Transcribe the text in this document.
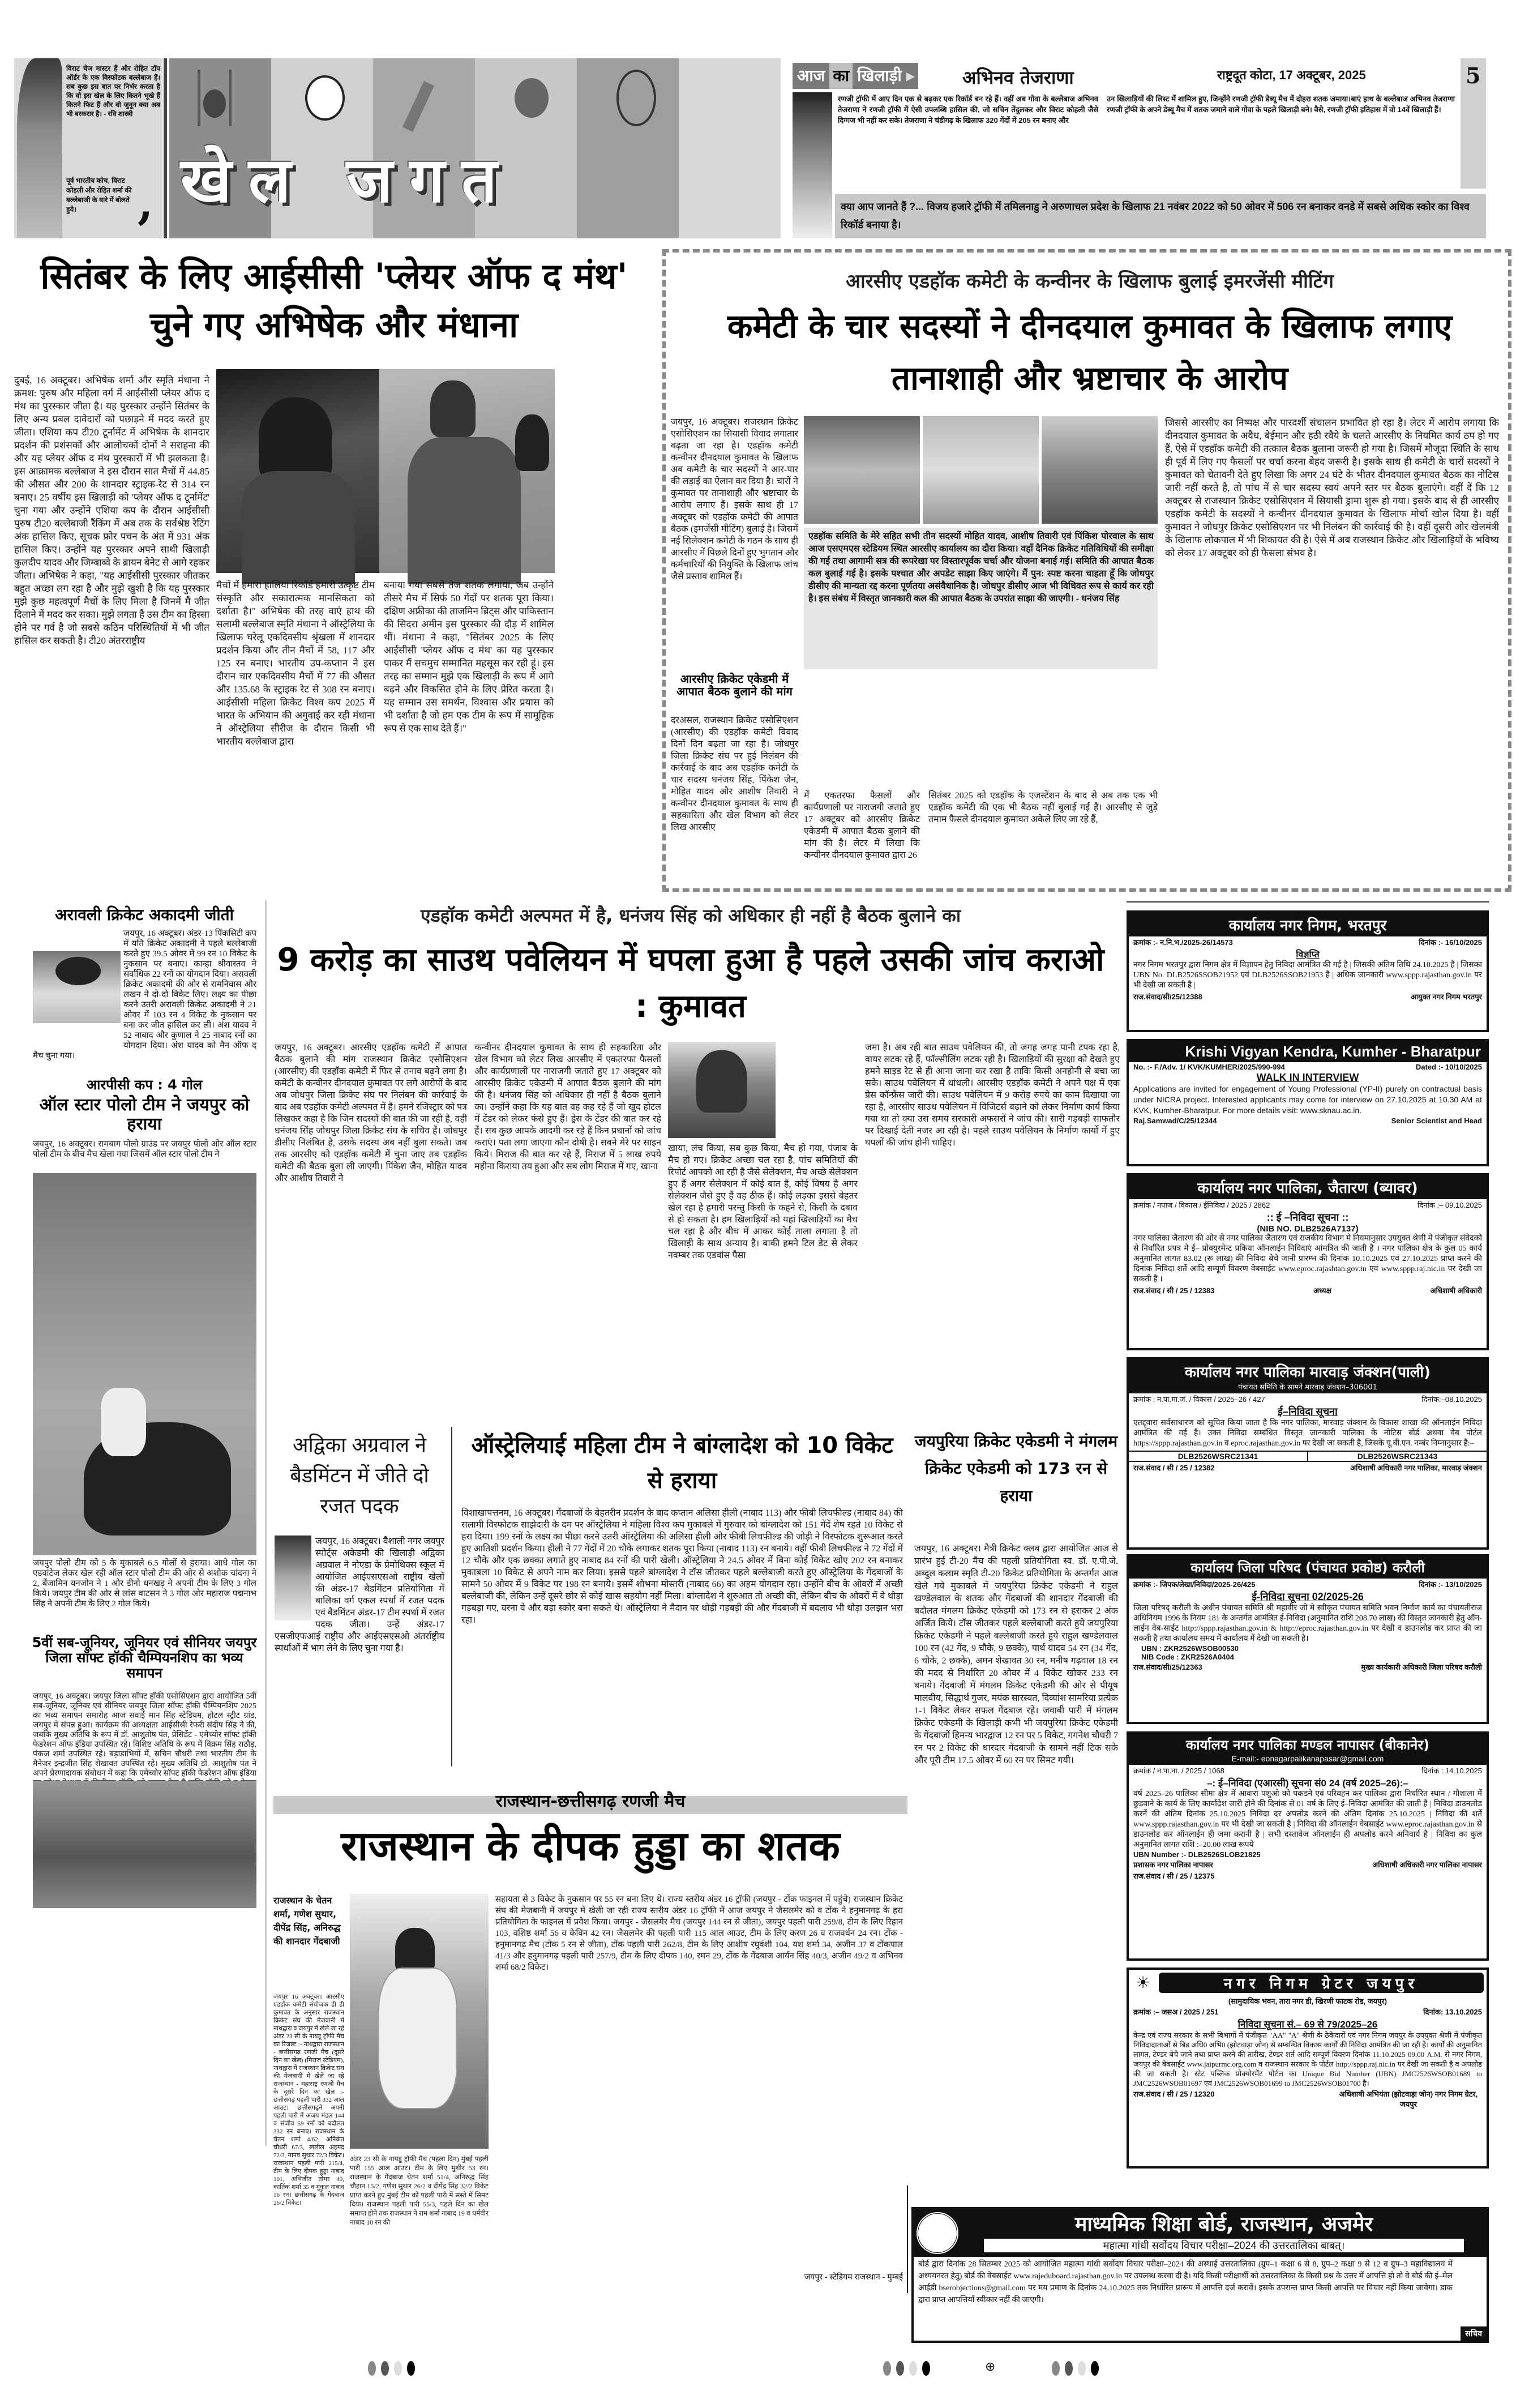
विराट चेज मास्टर हैं और रोहित टॉप ऑर्डर के एक विस्फोटक बल्लेबाज हैं। सब कुछ इस बात पर निर्भर करता है कि वो इस खेल के लिए कितने भूखे हैं कितने फिट हैं और वो जुनून क्या अब भी बरकरार है। - रवि शास्त्री
पूर्व भारतीय कोच, विराट कोहली और रोहित शर्मा की बल्लेबाजी के बारे में बोलते हुये।	, खेल जगत
आज का खिलाड़ी ▶	अभिनव तेजराणा	राष्ट्रदूत कोटा, 17 अक्टूबर, 2025	5
रणजी ट्रॉफी में आए दिन एक से बढ़कर एक रिकॉर्ड बन रहे हैं। वहीं अब गोवा के बल्लेबाज अभिनव तेजराणा ने रणजी ट्रॉफी में ऐसी उपलब्धि हासिल की, जो सचिन तेंदुलकर और विराट कोहली जैसे दिग्गज भी नहीं कर सके। तेजराणा ने चंडीगढ़ के खिलाफ 320 गेंदों में 205 रन बनाए और
उन खिलाड़ियों की लिस्ट में शामिल हुए, जिन्होंने रणजी ट्रॉफी डेब्यू मैच में दोहरा शतक जमाया।बाएं हाथ के बल्लेबाज अभिनव तेजराणा रणजी ट्रॉफी के अपने डेब्यू मैच में शतक जमाने वाले गोवा के पहले खिलाड़ी बने। वैसे, रणजी ट्रॉफी इतिहास में वो 14वें खिलाड़ी हैं।
क्या आप जानते हैं ?... विजय हजारे ट्रॉफी में तमिलनाडु ने अरुणाचल प्रदेश के खिलाफ 21 नवंबर 2022 को 50 ओवर में 506 रन बनाकर वनडे में सबसे अधिक स्कोर का विश्व रिकॉर्ड बनाया है।
सितंबर के लिए आईसीसी 'प्लेयर ऑफ द मंथ' चुने गए अभिषेक और मंधाना
दुबई, 16 अक्टूबर। अभिषेक शर्मा और स्मृति मंधाना ने क्रमश: पुरुष और महिला वर्ग में आईसीसी प्लेयर ऑफ द मंथ का पुरस्कार जीता है। यह पुरस्कार उन्होंने सितंबर के लिए अन्य प्रबल दावेदारों को पछाड़ने में मदद करते हुए जीता। एशिया कप टी20 टूर्नामेंट में अभिषेक के शानदार प्रदर्शन की प्रशंसकों और आलोचकों दोनों ने सराहना की और यह प्लेयर ऑफ द मंथ पुरस्कारों में भी झलकता है। इस आक्रामक बल्लेबाज ने इस दौरान सात मैचों में 44.85 की औसत और 200 के शानदार स्ट्राइक-रेट से 314 रन बनाए। 25 वर्षीय इस खिलाड़ी को 'प्लेयर ऑफ द टूर्नामेंट' चुना गया और उन्होंने एशिया कप के दौरान आईसीसी पुरुष टी20 बल्लेबाजी रैंकिंग में अब तक के सर्वश्रेष्ठ रेटिंग अंक हासिल किए, सूचक फ्रोर पचन के अंत में 931 अंक हासिल किए। उन्होंने यह पुरस्कार अपने साथी खिलाड़ी कुलदीप यादव और जिम्बाब्वे के ब्रायन बेनेट से आगे रहकर जीता। अभिषेक ने कहा, "यह आईसीसी पुरस्कार जीतकर बहुत अच्छा लग रहा है और मुझे खुशी है कि यह पुरस्कार मुझे कुछ महत्वपूर्ण मैचों के लिए मिला है जिनमें मैं जीत दिलाने में मदद कर सका। मुझे लगता है उस टीम का हिस्सा होने पर गर्व है जो सबसे कठिन परिस्थितियों में भी जीत हासिल कर सकती है। टी20 अंतरराष्ट्रीय
मैचों में हमारा हालिया रिकॉर्ड हमारी उत्कृष्ट टीम संस्कृति और सकारात्मक मानसिकता को दर्शाता है।" अभिषेक की तरह वाएं हाथ की सलामी बल्लेबाज स्मृति मंधाना ने ऑस्ट्रेलिया के खिलाफ घरेलू एकदिवसीय श्रृंखला में शानदार प्रदर्शन किया और तीन मैचों में 58, 117 और 125 रन बनाए। भारतीय उप-कप्तान ने इस दौरान चार एकदिवसीय मैचों में 77 की औसत और 135.68 के स्ट्राइक रेट से 308 रन बनाए। आईसीसी महिला क्रिकेट विश्व कप 2025 में भारत के अभियान की अगुवाई कर रही मंधाना ने ऑस्ट्रेलिया सीरीज के दौरान किसी भी भारतीय बल्लेबाज द्वारा
बनाया गया सबसे तेज शतक लगाया, जब उन्होंने तीसरे मैच में सिर्फ 50 गेंदों पर शतक पूरा किया। दक्षिण अफ्रीका की ताजमिन ब्रिट्स और पाकिस्तान की सिदरा अमीन इस पुरस्कार की दौड़ में शामिल थीं। मंधाना ने कहा, "सितंबर 2025 के लिए आईसीसी 'प्लेयर ऑफ द मंथ' का यह पुरस्कार पाकर मैं सचमुच सम्मानित महसूस कर रही हूं। इस तरह का सम्मान मुझे एक खिलाड़ी के रूप में आगे बढ़ने और विकसित होने के लिए प्रेरित करता है। यह सम्मान उस समर्थन, विश्वास और प्रयास को भी दर्शाता है जो हम एक टीम के रूप में सामूहिक रूप से एक साथ देते हैं।"
आरसीए एडहॉक कमेटी के कन्वीनर के खिलाफ बुलाई इमरजेंसी मीटिंग
कमेटी के चार सदस्यों ने दीनदयाल कुमावत के खिलाफ लगाए तानाशाही और भ्रष्टाचार के आरोप
जयपुर, 16 अक्टूबर। राजस्थान क्रिकेट एसोसिएशन का सियासी विवाद लगातार बढ़ता जा रहा है। एडहॉक कमेटी कन्वीनर दीनदयाल कुमावत के खिलाफ अब कमेटी के चार सदस्यों ने आर-पार की लड़ाई का ऐलान कर दिया है। चारों ने कुमावत पर तानाशाही और भ्रष्टाचार के आरोप लगाए हैं। इसके साथ ही 17 अक्टूबर को एडहॉक कमेटी की आपात बैठक (इमर्जेंसी मीटिंग) बुलाई है। जिसमें नई सिलेक्शन कमेटी के गठन के साथ ही आरसीए में पिछले दिनों हुए भुगतान और कर्मचारियों की नियुक्ति के खिलाफ जांच जैसे प्रस्ताव शामिल हैं।
एडहॉक समिति के मेरे सहित सभी तीन सदस्यों मोहित यादव, आशीष तिवारी एवं पिंकिश पोरवाल के साथ आज एसएमएस स्टेडियम स्थित आरसीए कार्यालय का दौरा किया। वहाँ दैनिक क्रिकेट गतिविधियों की समीक्षा की गई तथा आगामी सत्र की रूपरेखा पर विस्तारपूर्वक चर्चा और योजना बनाई गई। समिति की आपात बैठक कल बुलाई गई है। इसके पश्चात और अपडेट साझा किए जाएंगे। मैं पुन: स्पष्ट करना चाहता हूँ कि जोधपुर डीसीए की मान्यता रद्द करना पूर्णतया असंवैधानिक है। जोधपुर डीसीए आज भी विधिवत रूप से कार्य कर रही है। इस संबंध में विस्तृत जानकारी कल की आपात बैठक के उपरांत साझा की जाएगी। - धनंजय सिंह
आरसीए क्रिकेट एकेडमी में आपात बैठक बुलाने की मांग
दरअसल, राजस्थान क्रिकेट एसोसिएशन (आरसीए) की एडहॉक कमेटी विवाद दिनों दिन बढ़ता जा रहा है। जोधपुर जिला क्रिकेट संघ पर हुई निलंबन की कार्रवाई के बाद अब एडहॉक कमेटी के चार सदस्य धनंजय सिंह, पिंकेश जैन, मोहित यादव और आशीष तिवारी ने कन्वीनर दीनदयाल कुमावत के साथ ही सहकारिता और खेल विभाग को लेटर लिख आरसीए
में एकतरफा फैसलों और कार्यप्रणाली पर नाराजगी जताते हुए 17 अक्टूबर को आरसीए क्रिकेट एकेडमी में आपात बैठक बुलाने की मांग की है। लेटर में लिखा कि कन्वीनर दीनदयाल कुमावत द्वारा 26
सितंबर 2025 को एडहॉक के एजस्टेंशन के बाद से अब तक एक भी एडहॉक कमेटी की एक भी बैठक नहीं बुलाई गई है। आरसीए से जुड़े तमाम फैसले दीनदयाल कुमावत अकेले लिए जा रहे हैं,
जिससे आरसीए का निष्पक्ष और पारदर्शी संचालन प्रभावित हो रहा है। लेटर में आरोप लगाया कि दीनदयाल कुमावत के अवैध, बेईमान और हठी रवैये के चलते आरसीए के नियमित कार्य ठप हो गए हैं, ऐसे में एडहॉक कमेटी की तत्काल बैठक बुलाना जरूरी हो गया है। जिसमें मौजूदा स्थिति के साथ ही पूर्व में लिए गए फैसलों पर चर्चा करना बेहद जरूरी है। इसके साथ ही कमेटी के चारों सदस्यों ने कुमावत को चेतावनी देते हुए लिखा कि अगर 24 घंटे के भीतर दीनदयाल कुमावत बैठक का नोटिस जारी नहीं करते है, तो पांच में से चार सदस्य स्वयं अपने स्तर पर बैठक बुलाएंगे। वहीं दें कि 12 अक्टूबर से राजस्थान क्रिकेट एसोसिएशन में सियासी ड्रामा शुरू हो गया। इसके बाद से ही आरसीए एडहॉक कमेटी के सदस्यों ने कन्वीनर दीनदयाल कुमावत के खिलाफ मोर्चा खोल दिया है। वहीं कुमावत ने जोधपुर क्रिकेट एसोसिएशन पर भी निलंबन की कार्रवाई की है। वहीं दूसरी ओर खेलमंत्री के खिलाफ लोकपाल में भी शिकायत की है। ऐसे में अब राजस्थान क्रिकेट और खिलाड़ियों के भविष्य को लेकर 17 अक्टूबर को ही फैसला संभव है।
अरावली क्रिकेट अकादमी जीती
जयपुर, 16 अक्टूबर। अंडर-13 पिंकसिटी कप में यति क्रिकेट अकादमी ने पहले बल्लेबाजी करते हुए 39.5 ओवर में 99 रन 10 विकेट के नुकसान पर बनाएं। कान्हा श्रीवास्तव ने सर्वाधिक 22 रनों का योगदान दिया। अरावली क्रिकेट अकादमी की ओर से रामनिवास और लखन ने दो-दो विकेट लिए। लक्ष्य का पीछा करने उतरी अरावली क्रिकेट अकादमी ने 21 ओवर में 103 रन 4 विकेट के नुकसान पर बना कर जीत हासिल कर ली। अंश यादव ने 52 नाबाद और कुणाल ने 25 नाबाद रनों का योगदान दिया। अंश यादव को मैन ऑफ द मैच चुना गया।
आरपीसी कप : 4 गोल
ऑल स्टार पोलो टीम ने जयपुर को हराया
जयपुर, 16 अक्टूबर। रामबाग पोलो ग्राउंड पर जयपुर पोलो ओर ऑल स्टार पोलो टीम के बीच मैच खेला गया जिसमें ऑल स्टार पोलो टीम ने
जयपुर पोलो टीम को 5 के मुकाबले 6.5 गोलों से हराया। आधे गोल का एडवांटेज लेकर खेल रही ऑल स्टार पोलो टीम की ओर से अशोक चांदना ने 2, बेंजामिन यनजोन ने 1 ओर डीनो धनखड़ ने अपनी टीम के लिए 3 गोल किये। जयपुर टीम की ओर से लांस वाटसन ने 3 गोल ओर महाराज पद्मनाभ सिंह ने अपनी टीम के लिए 2 गोल किये।
5वीं सब-जूनियर, जूनियर एवं सीनियर जयपुर जिला सॉफ्ट हॉकी चैम्पियनशिप का भव्य समापन
जयपुर, 16 अक्टूबर। जयपुर जिला सॉफ्ट हॉकी एसोसिएशन द्वारा आयोजित 5वीं सब-जूनियर, जूनियर एवं सीनियर जयपुर जिला सॉफ्ट हॉकी चैम्पियनशिप 2025 का भव्य समापन समारोह आज सवाई मान सिंह स्टेडियम, होटल स्ट्रीट ग्रांड, जयपुर में संपन्न हुआ। कार्यक्रम की अध्यक्षता आईसीसी रेफरी संदीप सिंह ने की, जबकि मुख्य अतिथि के रूप में डॉ. आशुतोष पंत, प्रेसिडेंट - एमेच्योर सॉफ्ट हॉकी फेडरेशन ऑफ इंडिया उपस्थित रहे। विशिष्ट अतिथि के रूप में विक्रम सिंह राठौड़, पंकज शर्मा उपस्थित रहे। बड़ाडाभियों में, सचिन चौधरी तथा भारतीय टीम के मैनेजर इन्द्रजीत सिंह शेखावत उपस्थित रहे। मुख्य अतिथि डॉ. आशुतोष पंत ने अपने प्रेरणादायक संबोधन में कहा कि एमेच्योर सॉफ्ट हॉकी फेडरेशन ऑफ इंडिया
एडहॉक कमेटी अल्पमत में है, धनंजय सिंह को अधिकार ही नहीं है बैठक बुलाने का
9 करोड़ का साउथ पवेलियन में घपला हुआ है पहले उसकी जांच कराओ : कुमावत
जयपुर, 16 अक्टूबर। आरसीए एडहॉक कमेटी में आपात बैठक बुलाने की मांग राजस्थान क्रिकेट एसोसिएशन (आरसीए) की एडहॉक कमेटी में फिर से तनाव बढ़ने लगा है। कमेटी के कन्वीनर दीनदयाल कुमावत पर लगे आरोपों के बाद अब जोधपुर जिला क्रिकेट संघ पर निलंबन की कार्रवाई के बाद अब एडहॉक कमेटी अल्पमत में है। हमने रजिस्ट्रार को पत्र लिखकर कहा है कि जिन सदस्यों की बात की जा रही है, वही धनंजय सिंह जोधपुर जिला क्रिकेट संघ के सचिव हैं। जोधपुर डीसीए निलंबित है, उसके सदस्य अब नहीं बुला सकते। जब तक आरसीए को एडहॉक कमेटी में चुना जाए तब एडहॉक कमेटी की बैठक बुला ली जाएगी। पिंकेश जैन, मोहित यादव और आशीष तिवारी ने
कन्वीनर दीनदयाल कुमावत के साथ ही सहकारिता और खेल विभाग को लेटर लिख आरसीए में एकतरफा फैसलों और कार्यप्रणाली पर नाराजगी जताते हुए 17 अक्टूबर को आरसीए क्रिकेट एकेडमी में आपात बैठक बुलाने की मांग की है। धनंजय सिंह को अधिकार ही नहीं है बैठक बुलाने का। उन्होंने कहा कि यह बात वह कह रहे हैं जो खुद होटल में टेंडर को लेकर फंसे हुए हैं। ड्रेस के टेंडर की बात कर रहे हैं। सब कुछ आपके आदमी कर रहे हैं किन प्रधानों को जांच कराएं। पता लगा जाएगा कौन दोषी है। सबने मेरे पर साइन किये। मिराज की बात कर रहे हैं, मिराज में 5 लाख रुपये महीना किराया तय हुआ और सब लोग मिराज में गए, खाना
खाया, लंच किया, सब कुछ किया, मैच हो गया, पंजाब के मैच हो गए। क्रिकेट अच्छा चल रहा है, पांच समितियों की रिपोर्ट आपको आ रही है जैसे सेलेक्शन, मैच अच्छे सेलेक्शन हुए हैं अगर सेलेक्शन में कोई बात है, कोई विषय है अगर सेलेक्शन जैसे हुए हैं वह ठीक हैं। कोई लड़का इससे बेहतर खेल रहा है हमारी परन्तु किसी के कहने से, किसी के दबाव से हो सकता है। हम खिलाड़ियों को यहां खिलाड़ियों का मैच चल रहा है और बीच में आकर कोई ताला लगाता है तो खिलाड़ी के साथ अन्याय है। बाकी हमने टिल डेट से लेकर नवम्बर तक एडवांस पैसा
जमा है। अब रही बात साउथ पवेलियन की, तो जगह जगह पानी टपक रहा है, वायर लटक रहे हैं, फॉल्सीलिंग लटक रही है। खिलाड़ियों की सुरक्षा को देखते हुए हमने साइड रेट से ही आना जाना कर रखा है ताकि किसी अनहोनी से बचा जा सके। साउथ पवेलियन में धांधली। आरसीए एडहॉक कमेटी ने अपने पक्ष में एक प्रेस कॉन्फ्रेंस जारी की। साउथ पवेलियन में 9 करोड़ रुपये का काम दिखाया जा रहा है, आरसीए साउथ पवेलियन में विजिटर्स बढ़ाने को लेकर निर्माण कार्य किया गया था तो क्या उस समय सरकारी अफसरों ने जांच की। सारी गड़बड़ी साफतौर पर दिखाई देती नजर आ रही है। पहले साउथ पवेलियन के निर्माण कार्यों में हुए घपलों की जांच होनी चाहिए।
अद्विका अग्रवाल ने बैडमिंटन में जीते दो रजत पदक
जयपुर, 16 अक्टूबर। वैशाली नगर जयपुर स्पोर्ट्स अकेडमी की खिलाड़ी अद्विका अग्रवाल ने नोएडा के प्रेमोथिक्स स्कूल में आयोजित आईएसएसओ राष्ट्रीय खेलों की अंडर-17 बैडमिंटन प्रतियोगिता में बालिका वर्ग एकल स्पर्धा में रजत पदक एवं बैडमिंटन अंडर-17 टीम स्पर्धा में रजत पदक जीता। उन्हें अंडर-17 एसजीएफआई राष्ट्रीय और आईएसएसओ अंतर्राष्ट्रीय स्पर्धाओं में भाग लेने के लिए चुना गया है।
ऑस्ट्रेलियाई महिला टीम ने बांग्लादेश को 10 विकेट से हराया
विशाखापत्तनम, 16 अक्टूबर। गेंदबाजों के बेहतरीन प्रदर्शन के बाद कप्तान अलिसा हीली (नाबाद 113) और फीबी लिचफील्ड (नाबाद 84) की सलामी विस्फोटक साझेदारी के दम पर ऑस्ट्रेलिया ने महिला विश्व कप मुकाबले में गुरुवार को बांग्लादेश को 151 गेंदें शेष रहते 10 विकेट से हरा दिया। 199 रनों के लक्ष्य का पीछा करने उतरी ऑस्ट्रेलिया की अलिसा हीली और फीबी लिचफील्ड की जोड़ी ने विस्फोटक शुरूआत करते हुए आतिशी प्रदर्शन किया। हीली ने 77 गेंदों में 20 चौके लगाकर शतक पूरा किया (नाबाद 113) रन बनाये। वहीं फीबी लिचफील्ड ने 72 गेंदों में 12 चौके और एक छक्का लगाते हुए नाबाद 84 रनों की पारी खेली। ऑस्ट्रेलिया ने 24.5 ओवर में बिना कोई विकेट खोए 202 रन बनाकर मुकाबला 10 विकेट से अपने नाम कर लिया। इससे पहले बांग्लादेश ने टॉस जीतकर पहले बल्लेबाजी करते हुए ऑस्ट्रेलिया के गेंदबाजों के सामने 50 ओवर में 9 विकेट पर 198 रन बनाये। इसमें शोभना मोस्तरी (नाबाद 66) का अहम योगदान रहा। उन्होंने बीच के ओवरों में अच्छी बल्लेबाजी की, लेकिन उन्हें दूसरे छोर से कोई खास सहयोग नहीं मिला। बांग्लादेश ने शुरुआत तो अच्छी की, लेकिन बीच के ओवरों में वे थोड़ा गड़बड़ा गए, वरना वे और बड़ा स्कोर बना सकते थे। ऑस्ट्रेलिया ने मैदान पर थोड़ी गड़बड़ी की और गेंदबाजी में बदलाव भी थोड़ा उलझन भरा रहा।
जयपुरिया क्रिकेट एकेडमी ने मंगलम क्रिकेट एकेडमी को 173 रन से हराया
जयपुर, 16 अक्टूबर। मैत्री क्रिकेट क्लब द्वारा आयोजित आज से प्रारंभ हुई टी-20 मैच की पहली प्रतियोगिता स्व. डॉ. ए.पी.जे. अब्दुल कलाम स्मृति टी-20 क्रिकेट प्रतियोगिता के अन्तर्गत आज खेले गये मुकाबले में जयपुरिया क्रिकेट एकेडमी ने राहुल खण्डेलवाल के शतक और गेंदबाजों की शानदार गेंदबाजी की बदौलत मंगलम क्रिकेट एकेडमी को 173 रन से हराकर 2 अंक अर्जित किये। टॉस जीतकर पहले बल्लेबाजी करते हुये जयपुरिया क्रिकेट एकेडमी ने पहले बल्लेबाजी करते हुये राहुल खण्डेलवाल 100 रन (42 गेंद, 9 चौके, 9 छक्के), पार्थ यादव 54 रन (34 गेंद, 6 चौके, 2 छक्के), अमन शेखावत 30 रन, मनीष गढ़वाल 18 रन की मदद से निर्धारित 20 ओवर में 4 विकेट खोकर 233 रन बनाये। गेंदबाजी में मंगलम क्रिकेट एकेडमी की ओर से पीयूष मालवीय, सिद्धार्थ गुजर, मयंक सारस्वत, दिव्यांश सामरिया प्रत्येक 1-1 विकेट लेकर सफल गेंदबाज रहे। जवाबी पारी में मंगलम क्रिकेट एकेडमी के खिलाड़ी कभी भी जयपुरिया क्रिकेट एकेडमी के गेंदबाजों हिमन्य भारद्वाज 12 रन पर 5 विकेट, गगनेश चौधरी 7 रन पर 2 विकेट की धारदार गेंदबाजी के सामने नहीं टिक सके और पूरी टीम 17.5 ओवर में 60 रन पर सिमट गयी।
राजस्थान-छत्तीसगढ़ रणजी मैच
राजस्थान के दीपक हुड्डा का शतक
राजस्थान के चेतन शर्मा, गणेश सुथार, दीपेंद्र सिंह, अनिरुद्ध की शानदार गेंदबाजी
जयपुर 16 अक्टूबर। आरसीए एडहॉक कमेटी संयोजक डी डी कुमावत के अनुसार राजस्थान क्रिकेट संघ की मेजबानी में नाथद्वारा व जयपुर में खेले जा रहे अंडर 23 सी के नायडू ट्रॉफी मैच का रिजल्ट :- नाथद्वारा राजस्थान - छत्तीसगढ़ रणजी मैच (दूसरे दिन का खेल) (मिराज स्टेडियम), नाथद्वारा में राजस्थान क्रिकेट संघ की मेजबानी में खेले जा रहे राजस्थान - महाराष्ट्र रणजी मैच के दूसरे दिन का खेल :- छत्तीसगढ़ पहली पारी 332 आल आउट। छत्तीसगढ़ने अपनी पहली पारी में अजय मंडल 144 व संजीव 59 रनों को बदौलत 332 रन बनाए। राजस्थान के चेतन शर्मा 4/62, अनिकेत चौधरी 67/3, खलील अहमद 72/3, मानव सुथार 72/3 विकेट। राजस्थान पहली पारी 215/4, टीम के लिए दीपक हुड्डा नाबाद 101, अभिजीत तोमर 49, कार्तिक शर्मा 35 व मुकुल नाबाद 16 रन। छत्तीसगढ़ के गेंदबाज 26/2 विकेट।
अंडर 23 सी के नायडू ट्रॉफी मैच (पहला दिन) मुंबई पहली पारी 155 आल आउट। टीम के लिए मुशीर 53 रन। राजस्थान के गेंदबाज चेतन शर्मा 51/4, अनिरुद्ध सिंह चौहान 15/2, गणेश सुथार 26/2 व दीपेंद्र सिंह 32/2 विकेट प्राप्त करने हुए मुंबई टीम को पहली पारी में सस्ते में सिमट दिया। राजस्थान पहली पारी 55/3, पहले दिन का खेल समाप्त होने तक राजस्थान ने राम शर्मा नाबाद 19 व धर्मवीर नाबाद 10 रन की
सहायता से 3 विकेट के नुकसान पर 55 रन बना लिए थे। राज्य स्तरीय अंडर 16 ट्रॉफी (जयपुर - टोंक फाइनल में पहुंचे) राजस्थान क्रिकेट संघ की मेजबानी में जयपुर में खेली जा रही राज्य स्तरीय अंडर 16 ट्रॉफी में आज जयपुर ने जैसलमेर को व टोंक ने हनुमानगढ़ के हरा प्रतियोगिता के फाइनल में प्रवेश किया। जयपुर - जैसलमेर मैच (जयपुर 144 रन से जीता), जयपुर पहली पारी 259/8, टीम के लिए रिहान 103, वशिष्ठ शर्मा 56 व केविन 42 रन। जैसलमेर की पहली पारी 115 आल आउट, टीम के लिए करण 26 व राजवर्धन 24 रन। टोंक - हनुमानगढ़ मैच (टोंक 5 रन से जीता), टोंक पहली पारी 262/8, टीम के लिए आशीष रघुवंशी 104, यश शर्मा 34, अजीन 37 व टोंकपाल 41/3 और हनुमानगढ़ पहली पारी 257/9, टीम के लिए दीपक 140, रमन 29, टोंक के गेंदबाज आर्यन सिंह 40/3, अजीन 49/2 व अभिनव शर्मा 68/2 विकेट।
जयपुर - स्टेडियम राजस्थान - मुम्बई
कार्यालय नगर निगम, भरतपुर
क्रमांक :- न.नि.भ./2025-26/14573	दिनांक :- 16/10/2025
विज्ञप्ति
नगर निगम भरतपुर द्वारा निगम क्षेत्र में विज्ञापन हेतु निविदा आमंत्रित की गई है | जिसकी अंतिम तिथि 24.10.2025 है | जिसका UBN No. DLB2526SSOB21952 एवं DLB2526SSOB21953 है | अधिक जानकारी www.sppp.rajasthan.gov.in पर भी देखी जा सकती है |
राज.संवाद/सी/25/12388	आयुक्त नगर निगम भरतपुर
Krishi Vigyan Kendra, Kumher - Bharatpur
No. :- F./Adv. 1/ KVK/KUMHER/2025/990-994	Dated :- 10/10/2025
WALK IN INTERVIEW
Applications are invited for engagement of Young Professional (YP-II) purely on contractual basis under NICRA project. Interested applicants may come for interview on 27.10.2025 at 10.30 AM at KVK, Kumher-Bharatpur. For more details visit: www.sknau.ac.in.
Raj.Samwad/C/25/12344	Senior Scientist and Head
कार्यालय नगर पालिका, जैतारण (ब्यावर)
क्रमांक / नपाज / विकास / ईनिविदा / 2025 / 2862	दिनांक :– 09.10.2025
:: ई –निविदा सूचना ::
(NIB NO. DLB2526A7137)
नगर पालिका जैतारण की ओर से नगर पालिका जैतारण एवं राजकीय विभाग मे नियमानुसार उपयुक्त श्रेणी मे पंजीकृत संवेदको से निर्धारित प्रपत्र मे ई– प्रोक्युरमेन्ट प्रकिया ऑनलाईन निविदाएं आंमत्रित की जाती है । नगर पालिका क्षेत्र के कुल 05 कार्य अनुमानित लागत 83.02 (रू लाख) की निविदा बेचे जानी प्रारम्भ की दिनांक 10.10.2025 एवं 27.10.2025 प्राप्त करने की दिनांक निविदा शर्ते आदि सम्पूर्ण विवरण वेबसाईट www.eproc.rajashtan.gov.in एवं www.sppp.raj.nic.in पर देखी जा सकती है ।
राज.संवाद / सी / 25 / 12383	अध्यक्ष	अधिशाषी अधिकारी
कार्यालय नगर पालिका मारवाड़ जंक्शन(पाली)
पंचायत समिति के सामने मारवाड़ जंक्शन–306001
क्रमांक : न.पा.मा.जं. / विकास / 2025–26 / 427	दिनांक:–08.10.2025
ई–निविदा सूचना
एतद्द्वारा सर्वसाधारण को सूचित किया जाता है कि नगर पालिका, मारवाड़ जंक्शन के विकास शाखा की ऑनलाईन निविदा आमंत्रित की गई है। उक्त निविदा सम्बंधित विस्तृत जानकारी पालिका के नोटिस बोर्ड अथवा वेब पोर्टल https://sppp.rajasthan.gov.in व eproc.rajasthan.gov.in पर देखी जा सकती है, जिसके यू.बी.एन. नम्बंर निम्नानुसार है:–
DLB2526WSRC21341	DLB2526WSRC21343
राज.संवाद / सी / 25 / 12382	अधिशाषी अधिकारी नगर पालिका, मारवाड़ जंक्शन
कार्यालय जिला परिषद (पंचायत प्रकोष्ठ) करौली
क्रमांक :- जिपक/लेखा/निविदा/2025-26/425	दिनांक :- 13/10/2025
ई-निविदा सूचना 02/2025-26
जिला परिषद् करौली के अधीन पंचायत समिति श्री महावीर जी मे स्वीकृत पंचायत समिति भवन निर्माण कार्य का पंचायतीराज अधिनियम 1996 के नियम 181 के अन्तर्गत आमंत्रित ई-निविदा (अनुमानित राशि 208.70 लाख) की विस्तृत जानकारी हेतु ऑन-लाईन वेब-साईट http://sppp.rajasthan.gov.in & http://eproc.rajasthan.gov.in पर देखी व डाउनलोड कर प्राप्त की जा सकती है तथा कार्यालय समय में कार्यालय में देखी जा सकती है।
UBN : ZKR2526WSOB00530
NIB Code : ZKR2526A0404
राज.संवाद/सी/25/12363	मुख्य कार्यकारी अधिकारी जिला परिषद करौली
कार्यालय नगर पालिका मण्डल नापासर (बीकानेर)
E-mail:- eonagarpalikanapasar@gmail.com
क्रमांक / न.पा.ना. / 2025 / 1068	दिनांक : 14.10.2025
–: ई–निविदा (एआरसी) सूचना सं0 24 (वर्ष 2025–26):–
वर्ष 2025–26 पालिका सीमा क्षेत्र में आवारा पशुओ को पकडने एवं परिवहन कर पालिका द्वारा निर्धारित स्थान / गौशाला में छुडवाने के कार्य के लिए कार्यादेश जारी होने की दिनांक से 01 वर्ष के लिए ई–निविदा आमंत्रित की जाती है | निविदा डाउनलोड करनें की अंतिम दिनांक 25.10.2025 निविदा दर अपलोड करने की अंतिम दिनांक 25.10.2025 | निविदा की शर्ते www.sppp.rajasthan.gov.in पर भी देखी जा सकती है | निविदा की ऑनलाईन वेबसाईट www.eproc.rajasthan.gov.in से डाउनलोड कर ऑनलाईन ही जमा करानी है | सभी दस्तावेज ऑनलाईन ही अपलोड करने अनिवार्य है | निविदा का कुल अनुमानित लागत राशि :–20.00 लाख रूपये
UBN Number :- DLB2526SLOB21825
प्रशासक नगर पालिका नापासर	अधिशाषी अधिकारी नगर पालिका नापासर
राज.संवाद / सी / 25 / 12375
☀	नगर निगम ग्रेटर जयपुर
(सामुदायिक भवन, तारा नगर डी, खिरणी फाटक रोड, जयपुर)
क्रमांक :– जसअ / 2025 / 251	दिनांक: 13.10.2025
निविदा सूचना सं.– 69 से 79/2025–26
केन्द्र एवं राज्य सरकार के सभी बिभागों में पंजीकृत "AA" "A" श्रेणी के ठेकेदारों एवं नगर निगम जयपुर के उपयुक्त श्रेणी में पंजीकृत निविदादाताओं से बिड अधि0 अभि0 (झोटवाड़ा जोन) से सम्बन्धित विकास कार्यों की निविदा आमंत्रित की जा रही है। कार्यों की अनुमानित लागत, टेण्डर बेचे जाने तथा प्राप्त करने की तारीख, टेण्डर शर्त आदि सम्पूर्ण विवरण दिनांक 11.10.2025 09.00 A.M. से नगर निगम, जयपुर की बेबसाईट www.jaipurmc.org.com व राजस्थान सरकार के पोर्टल http://sppp.raj.nic.in पर देखी जा सकती है व अपलोड की जा सकती है। स्टेट पब्लिक प्रोक्योरमेंट पोर्टल का Unique Bid Number (UBN) JMC2526WSOB01689 to JMC2526WSOB01697 एवं JMC2526WSOB01699 to JMC2526WSOB01700 है।
राज.संवाद / सी / 25 / 12320	अधिशाषी अभियंता (झोटवाड़ा जोन) नगर निगम ग्रेटर, जयपुर
माध्यमिक शिक्षा बोर्ड, राजस्थान, अजमेर
महात्मा गांधी सर्वोदय विचार परीक्षा–2024 की उत्तरतालिका बाबत्।
बोर्ड द्वारा दिनांक 28 सितम्बर 2025 को आयोजित महात्मा गांधी सर्वोदय विचार परीक्षा–2024 की अस्थाई उत्तरतालिका (ग्रुप–1 कक्षा 6 से 8, ग्रुप–2 कक्षा 9 से 12 व ग्रुप–3 महाविद्यालय में अध्ययनरत हेतु) बोर्ड की वेबसाईट www.rajeduboard.rajasthan.gov.in पर उपलब्ध करवा दी है। यदि किसी परीक्षार्थी को उत्तरतालिका के किसी प्रश्न के उत्तर में आपत्ति हो तो वे बोर्ड की ई–मेल आईडी bserobjections@gmail.com पर मय प्रमाण के दिनांक 24.10.2025 तक निर्धारित प्रारूप में आपत्ति दर्ज करावें। इसके उपरान्त प्राप्त किसी आपत्ति पर विचार नहीं किया जावेगा। डाक द्वारा प्राप्त आपत्तियाँ स्वीकार नहीं की जाएगी।
सचिव
⊕
